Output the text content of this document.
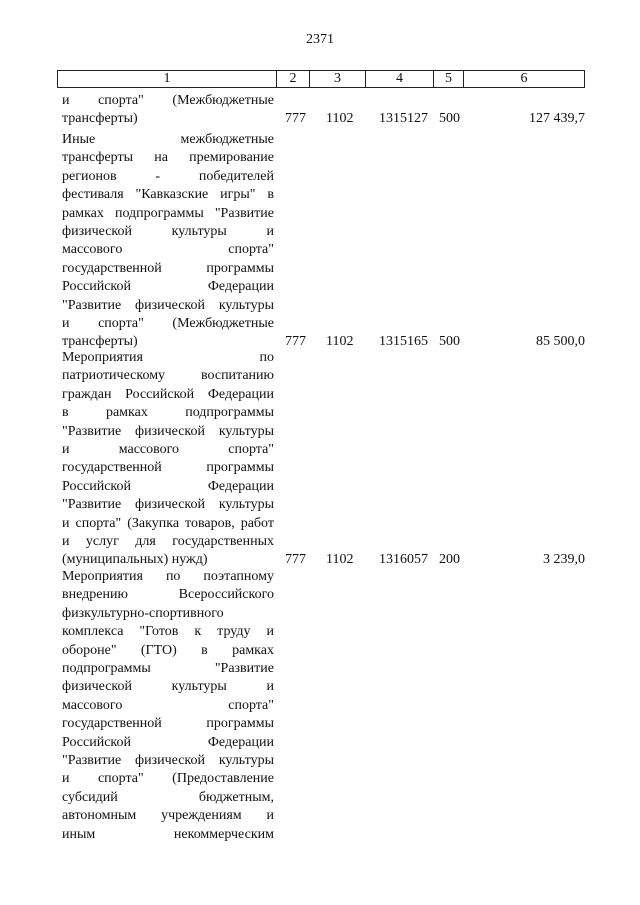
2371
1	2	3	4	5	6
и спорта" (Межбюджетные
трансферты)	777 1102 1315127 500	127 439,7
Иные межбюджетные
трансферты на премирование
регионов - победителей
фестиваля "Кавказские игры" в
рамках подпрограммы "Развитие
физической культуры и
массового спорта"
государственной программы
Российской Федерации
"Развитие физической культуры
и спорта" (Межбюджетные
трансферты)	777 1102 1315165 500	85 500,0
Мероприятия по
патриотическому воспитанию
граждан Российской Федерации
в рамках подпрограммы
"Развитие физической культуры
и массового спорта"
государственной программы
Российской Федерации
"Развитие физической культуры
и спорта" (Закупка товаров, работ
и услуг для государственных
(муниципальных) нужд)	777 1102 1316057 200	3 239,0
Мероприятия по поэтапному
внедрению Всероссийского
физкультурно-спортивного
комплекса "Готов к труду и
обороне" (ГТО) в рамках
подпрограммы "Развитие
физической культуры и
массового спорта"
государственной программы
Российской Федерации
"Развитие физической культуры
и спорта" (Предоставление
субсидий бюджетным,
автономным учреждениям и
иным некоммерческим
